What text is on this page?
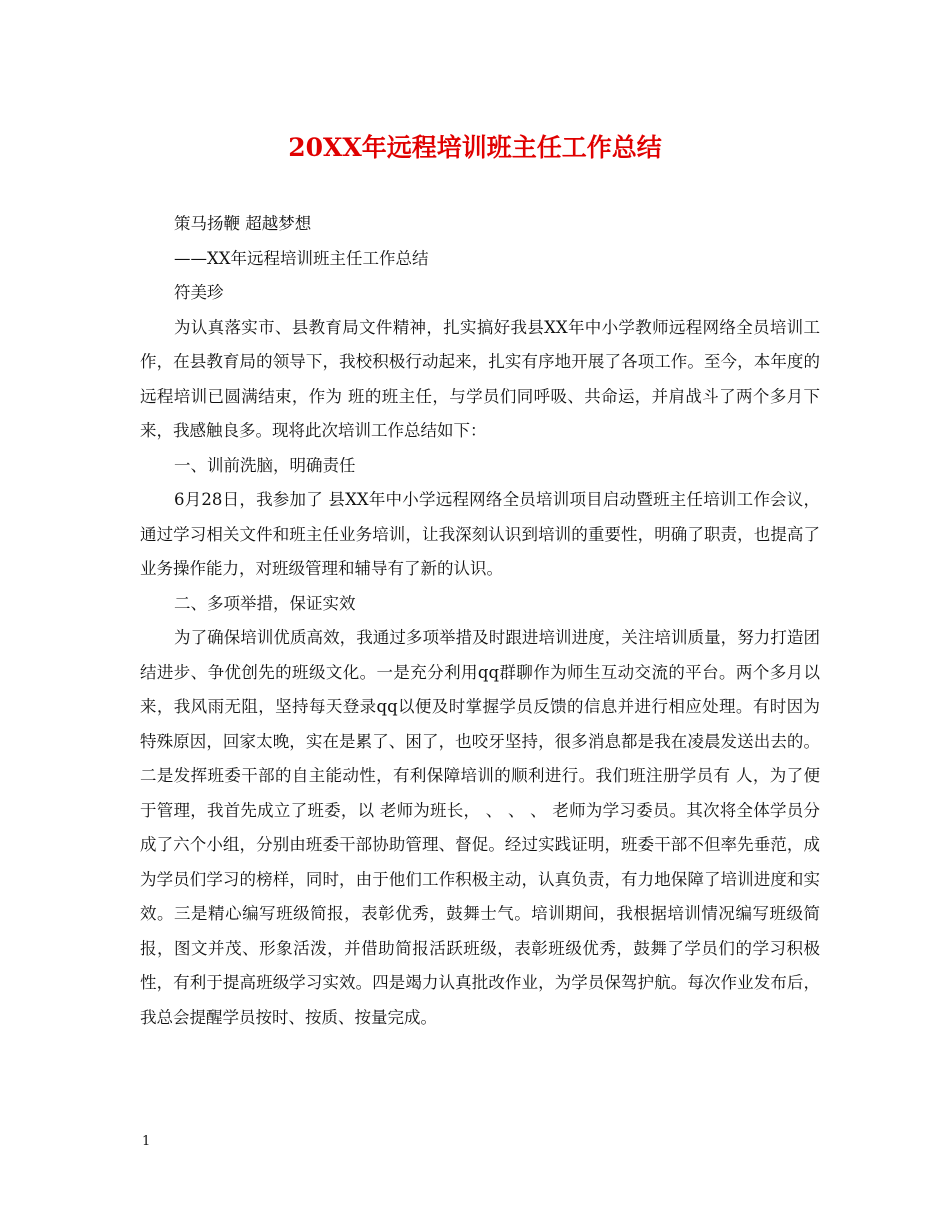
20XX年远程培训班主任工作总结

策马扬鞭 超越梦想

——XX年远程培训班主任工作总结

符美珍

为认真落实市、县教育局文件精神，扎实搞好我县XX年中小学教师远程网络全员培训工作，在县教育局的领导下，我校积极行动起来，扎实有序地开展了各项工作。至今，本年度的远程培训已圆满结束，作为 班的班主任，与学员们同呼吸、共命运，并肩战斗了两个多月下来，我感触良多。现将此次培训工作总结如下：

一、训前洗脑，明确责任

6月28日，我参加了 县XX年中小学远程网络全员培训项目启动暨班主任培训工作会议，通过学习相关文件和班主任业务培训，让我深刻认识到培训的重要性，明确了职责，也提高了业务操作能力，对班级管理和辅导有了新的认识。

二、多项举措，保证实效

为了确保培训优质高效，我通过多项举措及时跟进培训进度，关注培训质量，努力打造团结进步、争优创先的班级文化。一是充分利用qq群聊作为师生互动交流的平台。两个多月以来，我风雨无阻，坚持每天登录qq以便及时掌握学员反馈的信息并进行相应处理。有时因为特殊原因，回家太晚，实在是累了、困了，也咬牙坚持，很多消息都是我在凌晨发送出去的。二是发挥班委干部的自主能动性，有利保障培训的顺利进行。我们班注册学员有 人，为了便于管理，我首先成立了班委，以 老师为班长， 、 、 、 老师为学习委员。其次将全体学员分成了六个小组，分别由班委干部协助管理、督促。经过实践证明，班委干部不但率先垂范，成为学员们学习的榜样，同时，由于他们工作积极主动，认真负责，有力地保障了培训进度和实效。三是精心编写班级简报，表彰优秀，鼓舞士气。培训期间，我根据培训情况编写班级简报，图文并茂、形象活泼，并借助简报活跃班级，表彰班级优秀，鼓舞了学员们的学习积极性，有利于提高班级学习实效。四是竭力认真批改作业，为学员保驾护航。每次作业发布后，我总会提醒学员按时、按质、按量完成。

1
